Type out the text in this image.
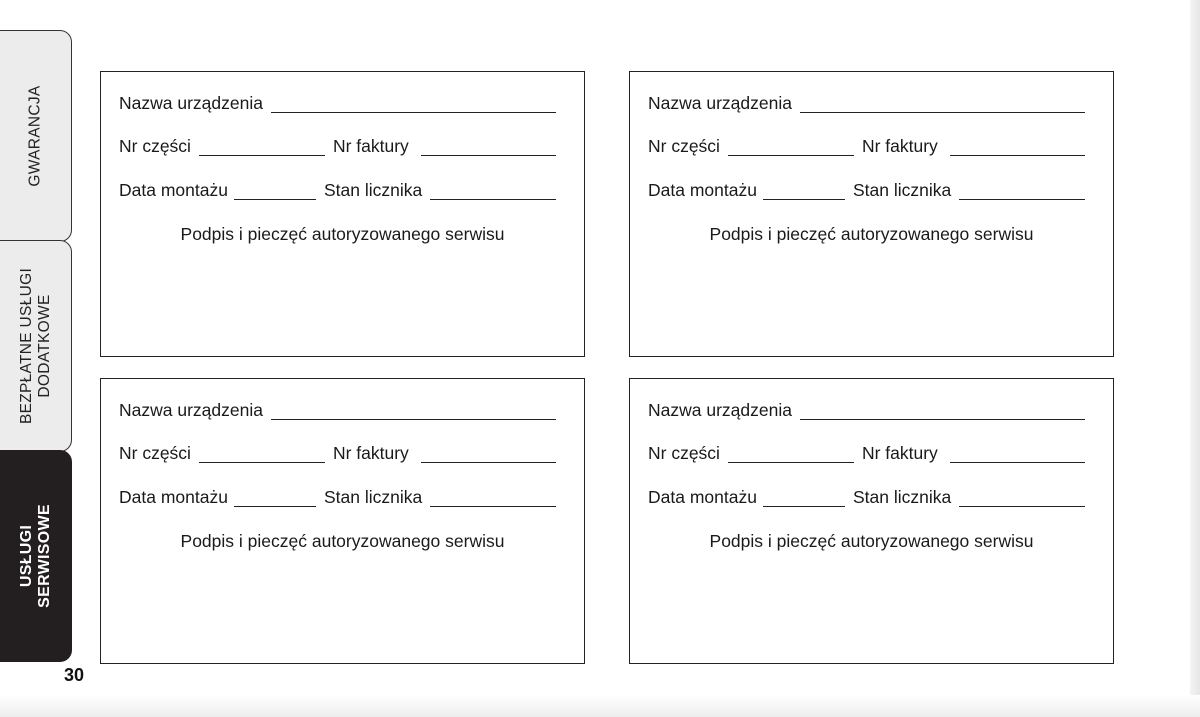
GWARANCJA
BEZPŁATNE USŁUGI DODATKOWE
USŁUGI SERWISOWE
30
Nazwa urządzenia
Nr części	Nr faktury
Data montażu	Stan licznika
Podpis i pieczęć autoryzowanego serwisu
Nazwa urządzenia
Nr części	Nr faktury
Data montażu	Stan licznika
Podpis i pieczęć autoryzowanego serwisu
Nazwa urządzenia
Nr części	Nr faktury
Data montażu	Stan licznika
Podpis i pieczęć autoryzowanego serwisu
Nazwa urządzenia
Nr części	Nr faktury
Data montażu	Stan licznika
Podpis i pieczęć autoryzowanego serwisu
